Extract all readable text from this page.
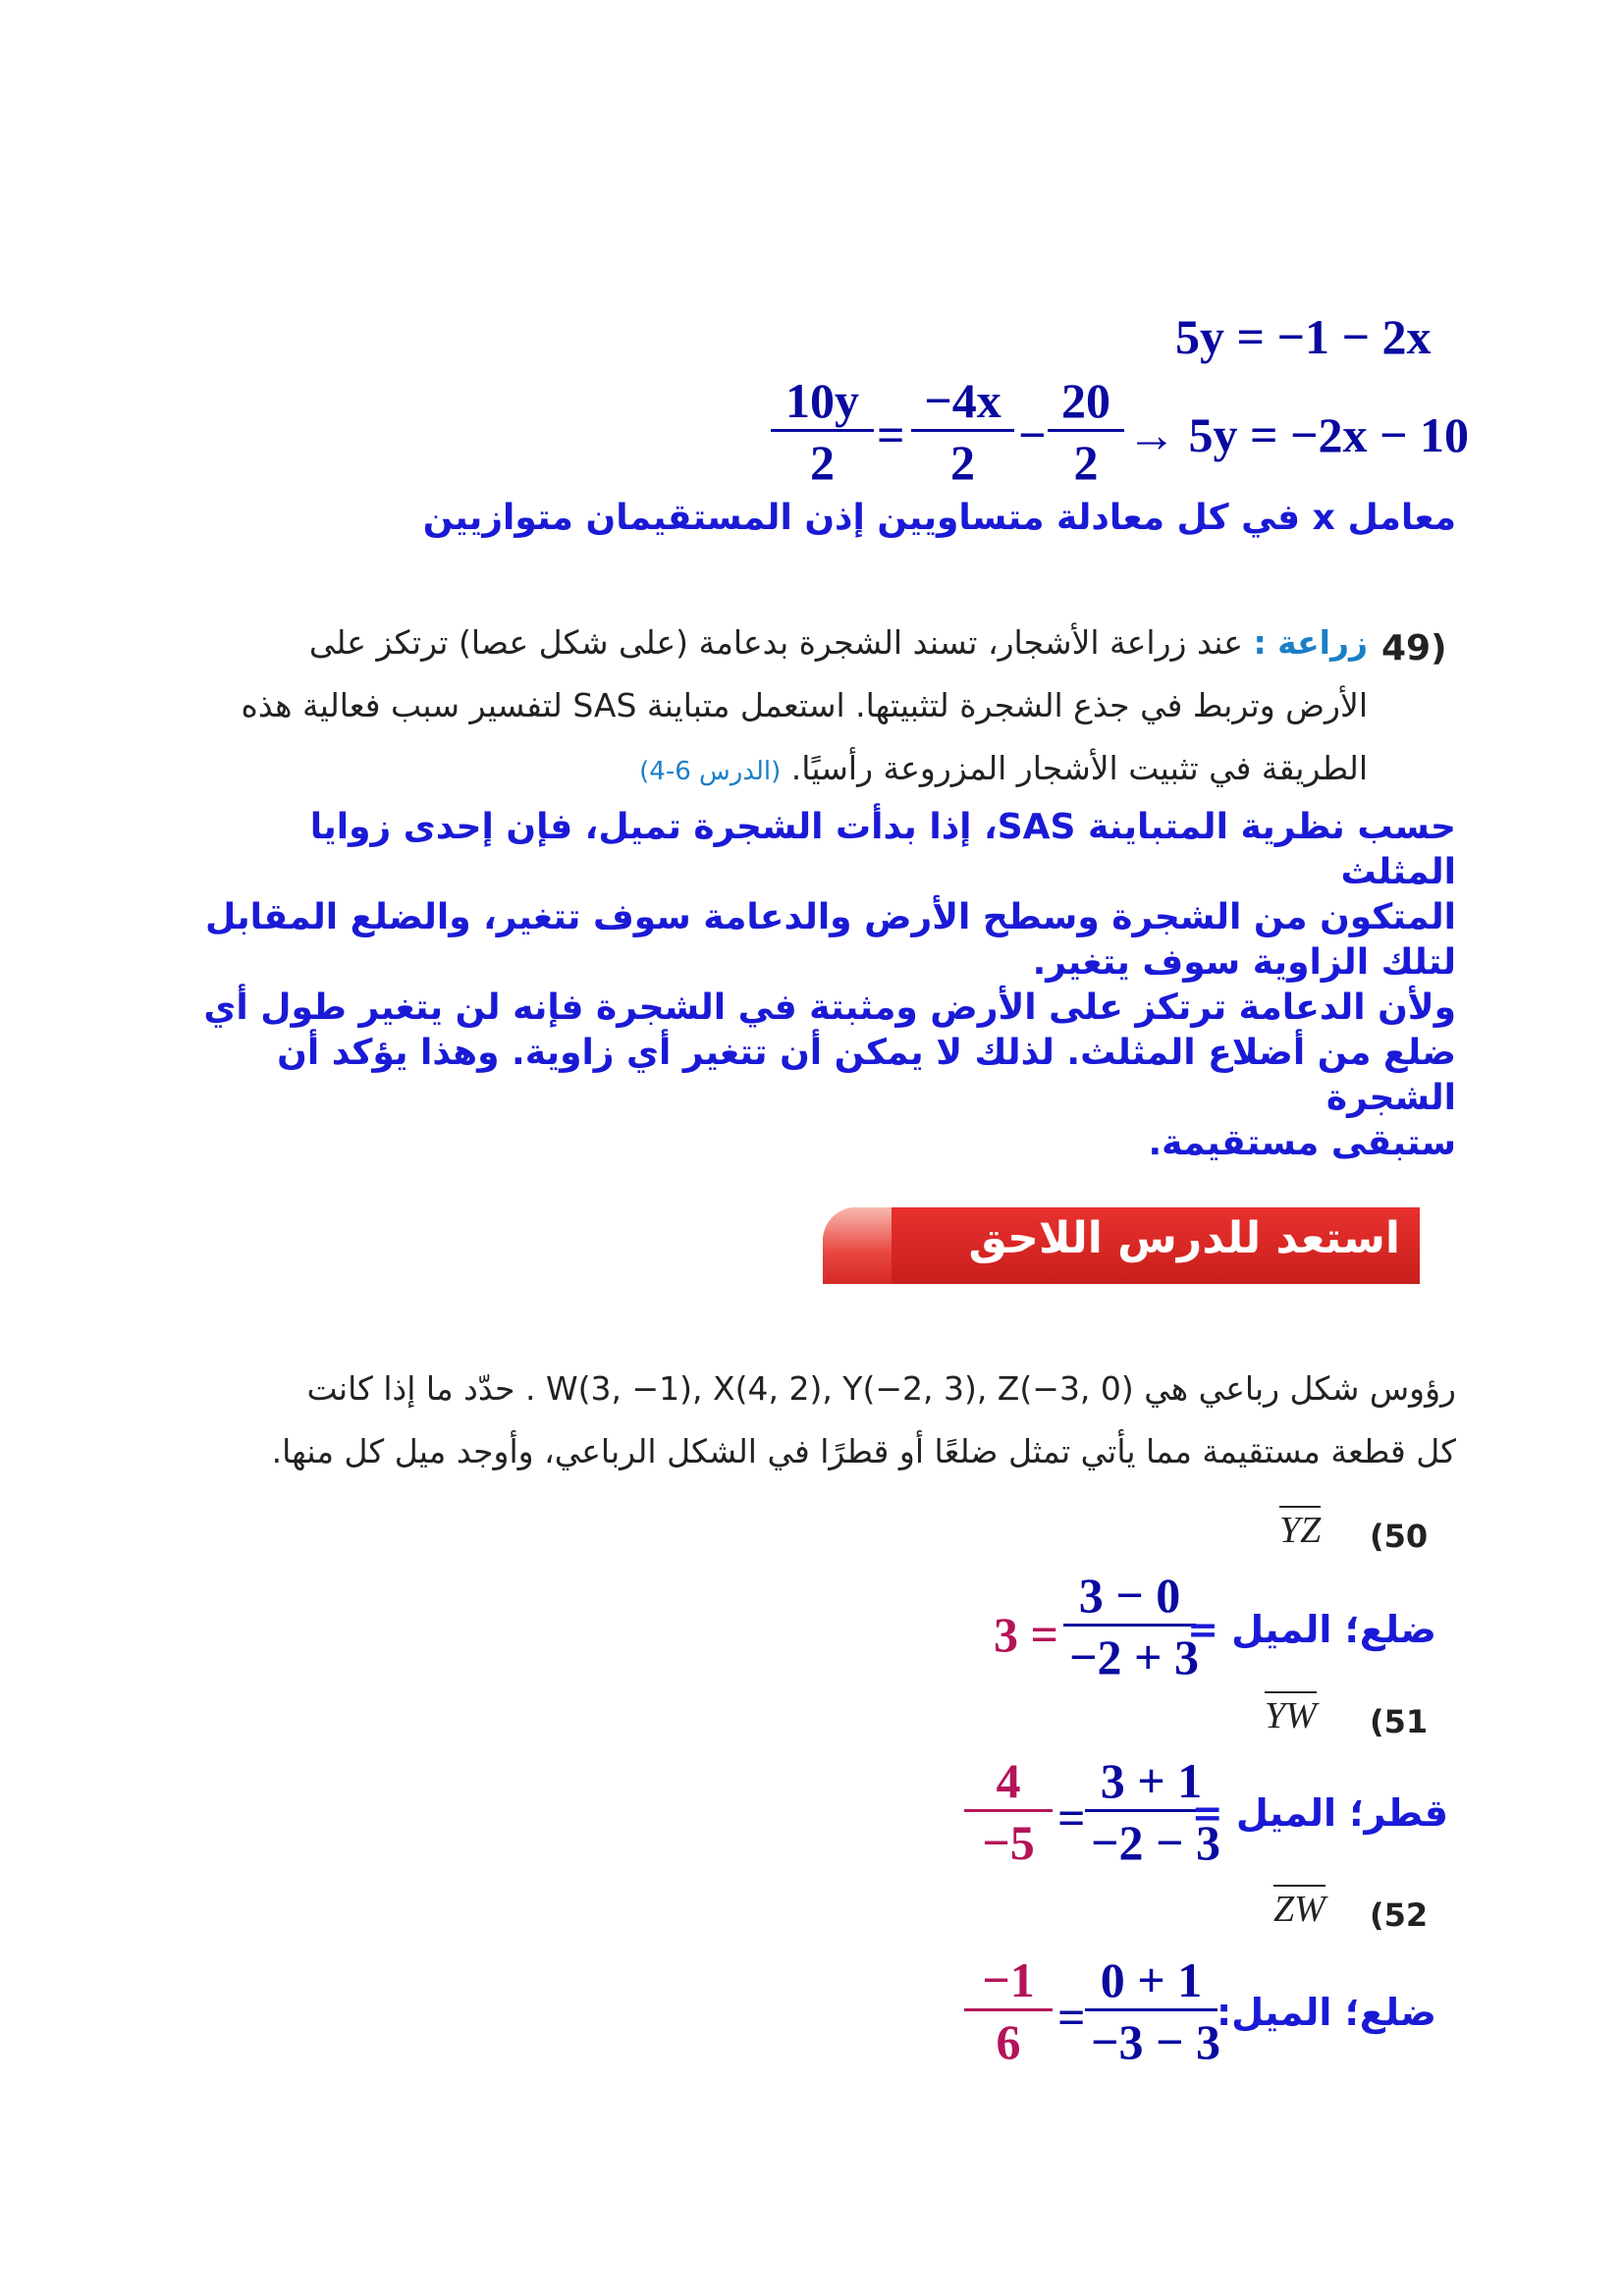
5y = −1 − 2x
10y
2 =
−4x
2 −
20
2 → 5y = −2x − 10
معامل x في كل معادلة متساويين إذن المستقيمان متوازيين
49)
زراعة : عند زراعة الأشجار، تسند الشجرة بدعامة (على شكل عصا) ترتكز على
الأرض وتربط في جذع الشجرة لتثبيتها. استعمل متباينة SAS لتفسير سبب فعالية هذه
الطريقة في تثبيت الأشجار المزروعة رأسيًا. (الدرس 6-4)
حسب نظرية المتباينة SAS، إذا بدأت الشجرة تميل، فإن إحدى زوايا المثلث
المتكون من الشجرة وسطح الأرض والدعامة سوف تتغير، والضلع المقابل
لتلك الزاوية سوف يتغير.
ولأن الدعامة ترتكز على الأرض ومثبتة في الشجرة فإنه لن يتغير طول أي
ضلع من أضلاع المثلث. لذلك لا يمكن أن تتغير أي زاوية. وهذا يؤكد أن الشجرة
ستبقى مستقيمة.
استعد للدرس اللاحق
رؤوس شكل رباعي هي W(3, −1), X(4, 2), Y(−2, 3), Z(−3, 0) . حدّد ما إذا كانت
كل قطعة مستقيمة مما يأتي تمثل ضلعًا أو قطرًا في الشكل الرباعي، وأوجد ميل كل منها.
(50
YZ
3 =
3 − 0
−2 + 3
ضلع؛ الميل =
(51
YW
4
−5 =
3 + 1
−2 − 3
قطر؛ الميل =
(52
ZW
−1
6 =
0 + 1
−3 − 3
ضلع؛ الميل:
